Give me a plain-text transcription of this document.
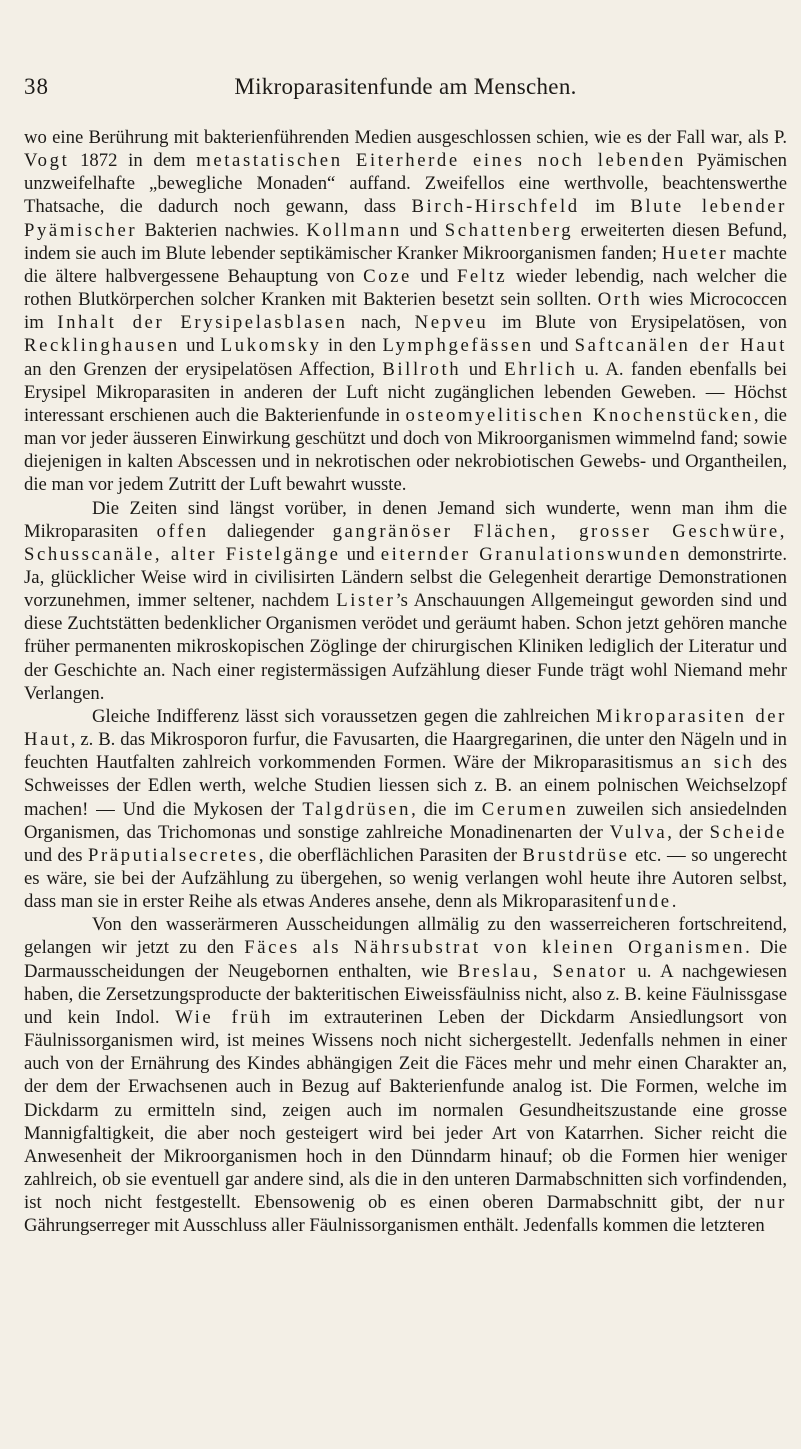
38	Mikroparasitenfunde am Menschen.

wo eine Berührung mit bakterienführenden Medien ausgeschlossen schien, wie es der Fall war, als P. Vogt 1872 in dem metastatischen Eiterherde eines noch lebenden Pyämischen unzweifelhafte „bewegliche Monaden“ auffand. Zweifellos eine werthvolle, beachtenswerthe Thatsache, die dadurch noch gewann, dass Birch-Hirschfeld im Blute lebender Pyämischer Bakterien nachwies. Kollmann und Schattenberg erweiterten diesen Befund, indem sie auch im Blute lebender septikämischer Kranker Mikroorganismen fanden; Hueter machte die ältere halbvergessene Behauptung von Coze und Feltz wieder lebendig, nach welcher die rothen Blutkörperchen solcher Kranken mit Bakterien besetzt sein sollten. Orth wies Micrococcen im Inhalt der Erysipelasblasen nach, Nepveu im Blute von Erysipelatösen, von Recklinghausen und Lukomsky in den Lymphgefässen und Saftcanälen der Haut an den Grenzen der erysipelatösen Affection, Billroth und Ehrlich u. A. fanden ebenfalls bei Erysipel Mikroparasiten in anderen der Luft nicht zugänglichen lebenden Geweben. — Höchst interessant erschienen auch die Bakterienfunde in osteomyelitischen Knochenstücken, die man vor jeder äusseren Einwirkung geschützt und doch von Mikroorganismen wimmelnd fand; sowie diejenigen in kalten Abscessen und in nekrotischen oder nekrobiotischen Gewebs- und Organtheilen, die man vor jedem Zutritt der Luft bewahrt wusste.

Die Zeiten sind längst vorüber, in denen Jemand sich wunderte, wenn man ihm die Mikroparasiten offen daliegender gangränöser Flächen, grosser Geschwüre, Schusscanäle, alter Fistelgänge und eiternder Granulationswunden demonstrirte. Ja, glücklicher Weise wird in civilisirten Ländern selbst die Gelegenheit derartige Demonstrationen vorzunehmen, immer seltener, nachdem Lister’s Anschauungen Allgemeingut geworden sind und diese Zuchtstätten bedenklicher Organismen verödet und geräumt haben. Schon jetzt gehören manche früher permanenten mikroskopischen Zöglinge der chirurgischen Kliniken lediglich der Literatur und der Geschichte an. Nach einer registermässigen Aufzählung dieser Funde trägt wohl Niemand mehr Verlangen.

Gleiche Indifferenz lässt sich voraussetzen gegen die zahlreichen Mikroparasiten der Haut, z. B. das Mikrosporon furfur, die Favusarten, die Haargregarinen, die unter den Nägeln und in feuchten Hautfalten zahlreich vorkommenden Formen. Wäre der Mikroparasitismus an sich des Schweisses der Edlen werth, welche Studien liessen sich z. B. an einem polnischen Weichselzopf machen! — Und die Mykosen der Talgdrüsen, die im Cerumen zuweilen sich ansiedelnden Organismen, das Trichomonas und sonstige zahlreiche Monadinenarten der Vulva, der Scheide und des Präputialsecretes, die oberflächlichen Parasiten der Brustdrüse etc. — so ungerecht es wäre, sie bei der Aufzählung zu übergehen, so wenig verlangen wohl heute ihre Autoren selbst, dass man sie in erster Reihe als etwas Anderes ansehe, denn als Mikroparasitenfunde.

Von den wasserärmeren Ausscheidungen allmälig zu den wasserreicheren fortschreitend, gelangen wir jetzt zu den Fäces als Nährsubstrat von kleinen Organismen. Die Darmausscheidungen der Neugebornen enthalten, wie Breslau, Senator u. A nachgewiesen haben, die Zersetzungsproducte der bakteritischen Eiweissfäulniss nicht, also z. B. keine Fäulnissgase und kein Indol. Wie früh im extrauterinen Leben der Dickdarm Ansiedlungsort von Fäulnissorganismen wird, ist meines Wissens noch nicht sichergestellt. Jedenfalls nehmen in einer auch von der Ernährung des Kindes abhängigen Zeit die Fäces mehr und mehr einen Charakter an, der dem der Erwachsenen auch in Bezug auf Bakterienfunde analog ist. Die Formen, welche im Dickdarm zu ermitteln sind, zeigen auch im normalen Gesundheitszustande eine grosse Mannigfaltigkeit, die aber noch gesteigert wird bei jeder Art von Katarrhen. Sicher reicht die Anwesenheit der Mikroorganismen hoch in den Dünndarm hinauf; ob die Formen hier weniger zahlreich, ob sie eventuell gar andere sind, als die in den unteren Darmabschnitten sich vorfindenden, ist noch nicht festgestellt. Ebensowenig ob es einen oberen Darmabschnitt gibt, der nur Gährungserreger mit Ausschluss aller Fäulnissorganismen enthält. Jedenfalls kommen die letzteren
